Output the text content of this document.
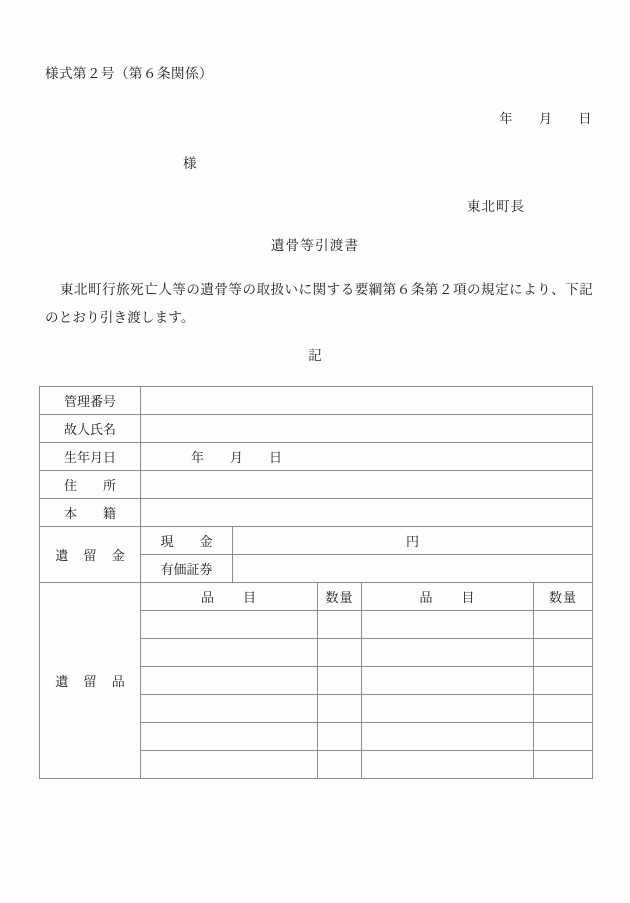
様式第２号（第６条関係）
年 月 日
様
東北町長
遺骨等引渡書
東北町行旅死亡人等の遺骨等の取扱いに関する要綱第６条第２項の規定により、下記のとおり引き渡します。
記
管理番号					
故人氏名					
生年月日	年　　月　　日				
住　　所					
本　　籍					
遺 留 金	現　　金	円			
	有価証券				
遺 留 品	品　　目		数量	品　　目	数量
